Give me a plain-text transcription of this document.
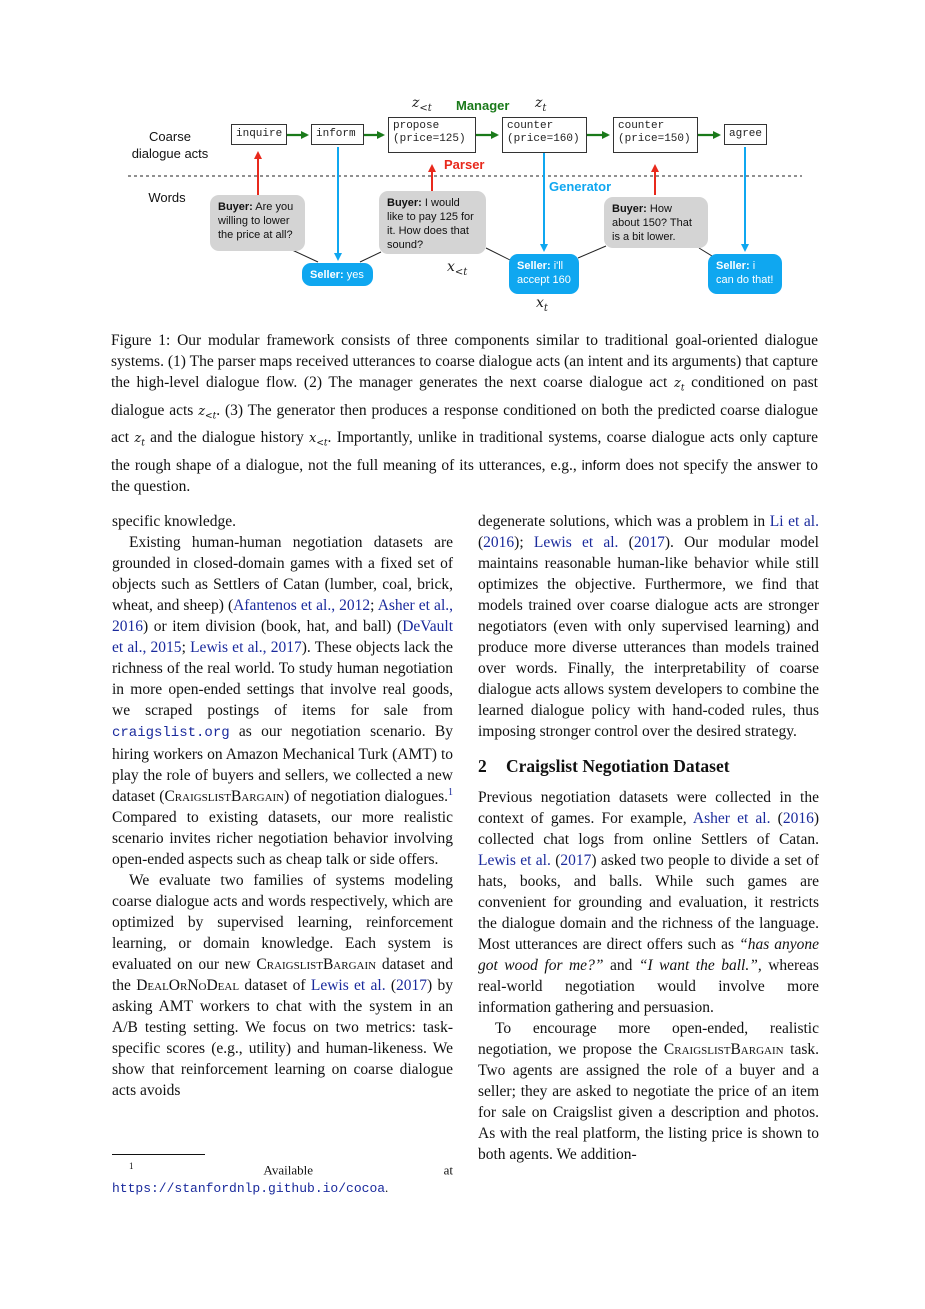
Coarse
dialogue acts
Words
Manager
Parser
Generator
$z_{<t}$	$z_t$
$x_{<t}$
$x_t$
inquire	inform
propose
(price=125)
counter
(price=160)
counter
(price=150)	agree
Buyer: Are you willing to lower the price at all?
Seller: yes
Buyer: I would like to pay 125 for it. How does that sound?
Seller: i'll accept 160
Buyer: How about 150? That is a bit lower.
Seller: i can do that!
Figure 1: Our modular framework consists of three components similar to traditional goal-oriented dialogue systems. (1) The parser maps received utterances to coarse dialogue acts (an intent and its arguments) that capture the high-level dialogue flow. (2) The manager generates the next coarse dialogue act $z_t$ conditioned on past dialogue acts $z_{<t}$. (3) The generator then produces a response conditioned on both the predicted coarse dialogue act $z_t$ and the dialogue history $x_{<t}$. Importantly, unlike in traditional systems, coarse dialogue acts only capture the rough shape of a dialogue, not the full meaning of its utterances, e.g., inform does not specify the answer to the question.

specific knowledge.

Existing human-human negotiation datasets are grounded in closed-domain games with a fixed set of objects such as Settlers of Catan (lumber, coal, brick, wheat, and sheep) (Afantenos et al., 2012; Asher et al., 2016) or item division (book, hat, and ball) (DeVault et al., 2015; Lewis et al., 2017). These objects lack the richness of the real world. To study human negotiation in more open-ended settings that involve real goods, we scraped postings of items for sale from craigslist.org as our negotiation scenario. By hiring workers on Amazon Mechanical Turk (AMT) to play the role of buyers and sellers, we collected a new dataset (CraigslistBargain) of negotiation dialogues.$^1$ Compared to existing datasets, our more realistic scenario invites richer negotiation behavior involving open-ended aspects such as cheap talk or side offers.

We evaluate two families of systems modeling coarse dialogue acts and words respectively, which are optimized by supervised learning, reinforcement learning, or domain knowledge. Each system is evaluated on our new CraigslistBargain dataset and the DealOrNoDeal dataset of Lewis et al. (2017) by asking AMT workers to chat with the system in an A/B testing setting. We focus on two metrics: task-specific scores (e.g., utility) and human-likeness. We show that reinforcement learning on coarse dialogue acts avoids

$^1$ Available at https://stanfordnlp.github.io/cocoa.

degenerate solutions, which was a problem in Li et al. (2016); Lewis et al. (2017). Our modular model maintains reasonable human-like behavior while still optimizes the objective. Furthermore, we find that models trained over coarse dialogue acts are stronger negotiators (even with only supervised learning) and produce more diverse utterances than models trained over words. Finally, the interpretability of coarse dialogue acts allows system developers to combine the learned dialogue policy with hand-coded rules, thus imposing stronger control over the desired strategy.

2 Craigslist Negotiation Dataset

Previous negotiation datasets were collected in the context of games. For example, Asher et al. (2016) collected chat logs from online Settlers of Catan. Lewis et al. (2017) asked two people to divide a set of hats, books, and balls. While such games are convenient for grounding and evaluation, it restricts the dialogue domain and the richness of the language. Most utterances are direct offers such as “has anyone got wood for me?” and “I want the ball.”, whereas real-world negotiation would involve more information gathering and persuasion.

To encourage more open-ended, realistic negotiation, we propose the CraigslistBargain task. Two agents are assigned the role of a buyer and a seller; they are asked to negotiate the price of an item for sale on Craigslist given a description and photos. As with the real platform, the listing price is shown to both agents. We addition-
